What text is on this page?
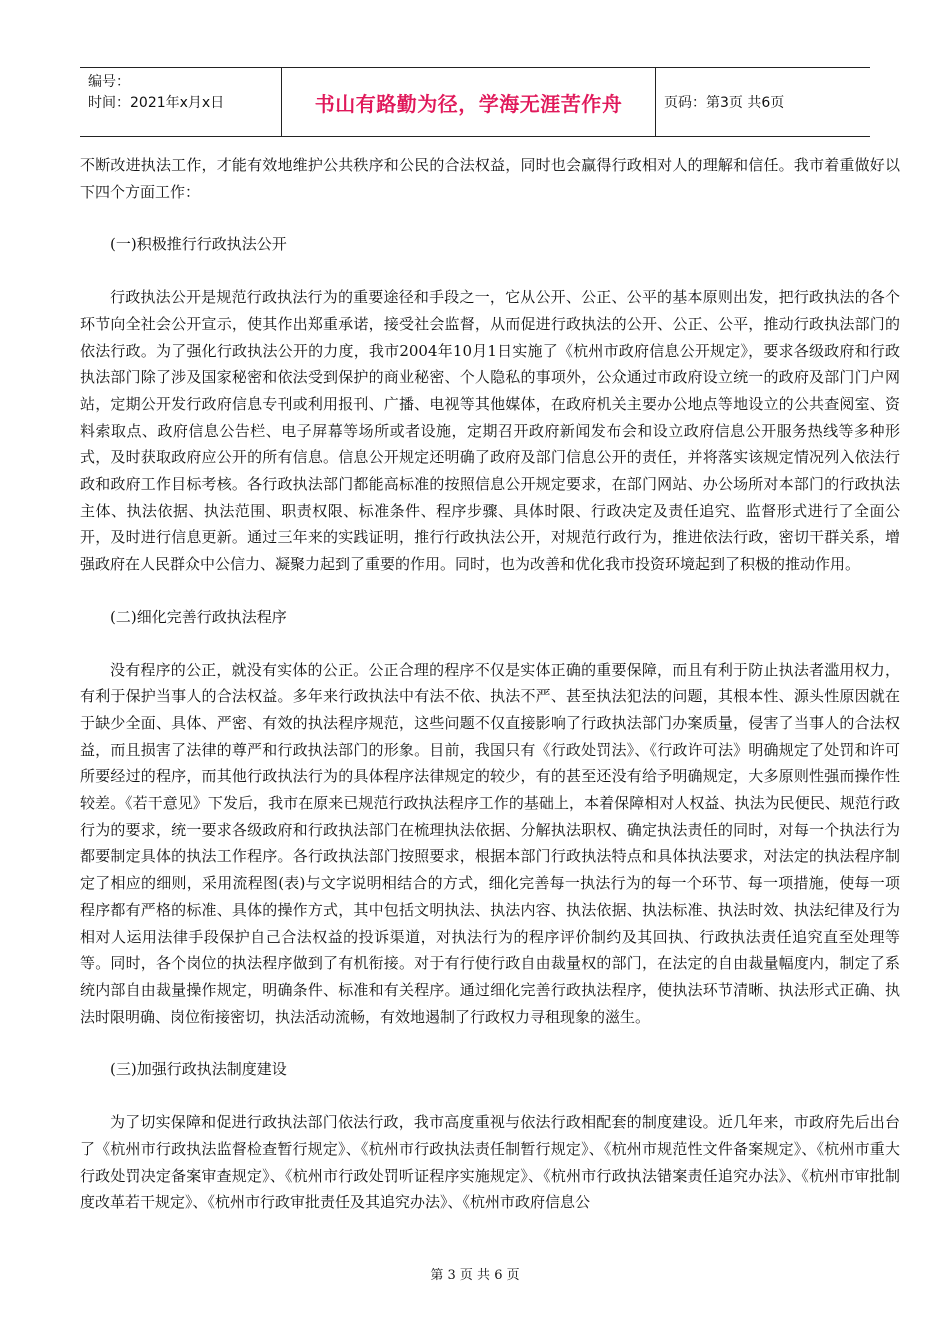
编号：
时间：2021年x月x日	书山有路勤为径，学海无涯苦作舟	页码：第3页 共6页

不断改进执法工作，才能有效地维护公共秩序和公民的合法权益，同时也会赢得行政相对人的理解和信任。我市着重做好以下四个方面工作：

(一)积极推行行政执法公开

行政执法公开是规范行政执法行为的重要途径和手段之一，它从公开、公正、公平的基本原则出发，把行政执法的各个环节向全社会公开宣示，使其作出郑重承诺，接受社会监督，从而促进行政执法的公开、公正、公平，推动行政执法部门的依法行政。为了强化行政执法公开的力度，我市2004年10月1日实施了《杭州市政府信息公开规定》，要求各级政府和行政执法部门除了涉及国家秘密和依法受到保护的商业秘密、个人隐私的事项外，公众通过市政府设立统一的政府及部门门户网站，定期公开发行政府信息专刊或利用报刊、广播、电视等其他媒体，在政府机关主要办公地点等地设立的公共查阅室、资料索取点、政府信息公告栏、电子屏幕等场所或者设施，定期召开政府新闻发布会和设立政府信息公开服务热线等多种形式，及时获取政府应公开的所有信息。信息公开规定还明确了政府及部门信息公开的责任，并将落实该规定情况列入依法行政和政府工作目标考核。各行政执法部门都能高标准的按照信息公开规定要求，在部门网站、办公场所对本部门的行政执法主体、执法依据、执法范围、职责权限、标准条件、程序步骤、具体时限、行政决定及责任追究、监督形式进行了全面公开，及时进行信息更新。通过三年来的实践证明，推行行政执法公开，对规范行政行为，推进依法行政，密切干群关系，增强政府在人民群众中公信力、凝聚力起到了重要的作用。同时，也为改善和优化我市投资环境起到了积极的推动作用。

(二)细化完善行政执法程序

没有程序的公正，就没有实体的公正。公正合理的程序不仅是实体正确的重要保障，而且有利于防止执法者滥用权力，有利于保护当事人的合法权益。多年来行政执法中有法不依、执法不严、甚至执法犯法的问题，其根本性、源头性原因就在于缺少全面、具体、严密、有效的执法程序规范，这些问题不仅直接影响了行政执法部门办案质量，侵害了当事人的合法权益，而且损害了法律的尊严和行政执法部门的形象。目前，我国只有《行政处罚法》、《行政许可法》明确规定了处罚和许可所要经过的程序，而其他行政执法行为的具体程序法律规定的较少，有的甚至还没有给予明确规定，大多原则性强而操作性较差。《若干意见》下发后，我市在原来已规范行政执法程序工作的基础上，本着保障相对人权益、执法为民便民、规范行政行为的要求，统一要求各级政府和行政执法部门在梳理执法依据、分解执法职权、确定执法责任的同时，对每一个执法行为都要制定具体的执法工作程序。各行政执法部门按照要求，根据本部门行政执法特点和具体执法要求，对法定的执法程序制定了相应的细则，采用流程图(表)与文字说明相结合的方式，细化完善每一执法行为的每一个环节、每一项措施，使每一项程序都有严格的标准、具体的操作方式，其中包括文明执法、执法内容、执法依据、执法标准、执法时效、执法纪律及行为相对人运用法律手段保护自己合法权益的投诉渠道，对执法行为的程序评价制约及其回执、行政执法责任追究直至处理等等。同时，各个岗位的执法程序做到了有机衔接。对于有行使行政自由裁量权的部门，在法定的自由裁量幅度内，制定了系统内部自由裁量操作规定，明确条件、标准和有关程序。通过细化完善行政执法程序，使执法环节清晰、执法形式正确、执法时限明确、岗位衔接密切，执法活动流畅，有效地遏制了行政权力寻租现象的滋生。

(三)加强行政执法制度建设

为了切实保障和促进行政执法部门依法行政，我市高度重视与依法行政相配套的制度建设。近几年来，市政府先后出台了《杭州市行政执法监督检查暂行规定》、《杭州市行政执法责任制暂行规定》、《杭州市规范性文件备案规定》、《杭州市重大行政处罚决定备案审查规定》、《杭州市行政处罚听证程序实施规定》、《杭州市行政执法错案责任追究办法》、《杭州市审批制度改革若干规定》、《杭州市行政审批责任及其追究办法》、《杭州市政府信息公

第 3 页 共 6 页
